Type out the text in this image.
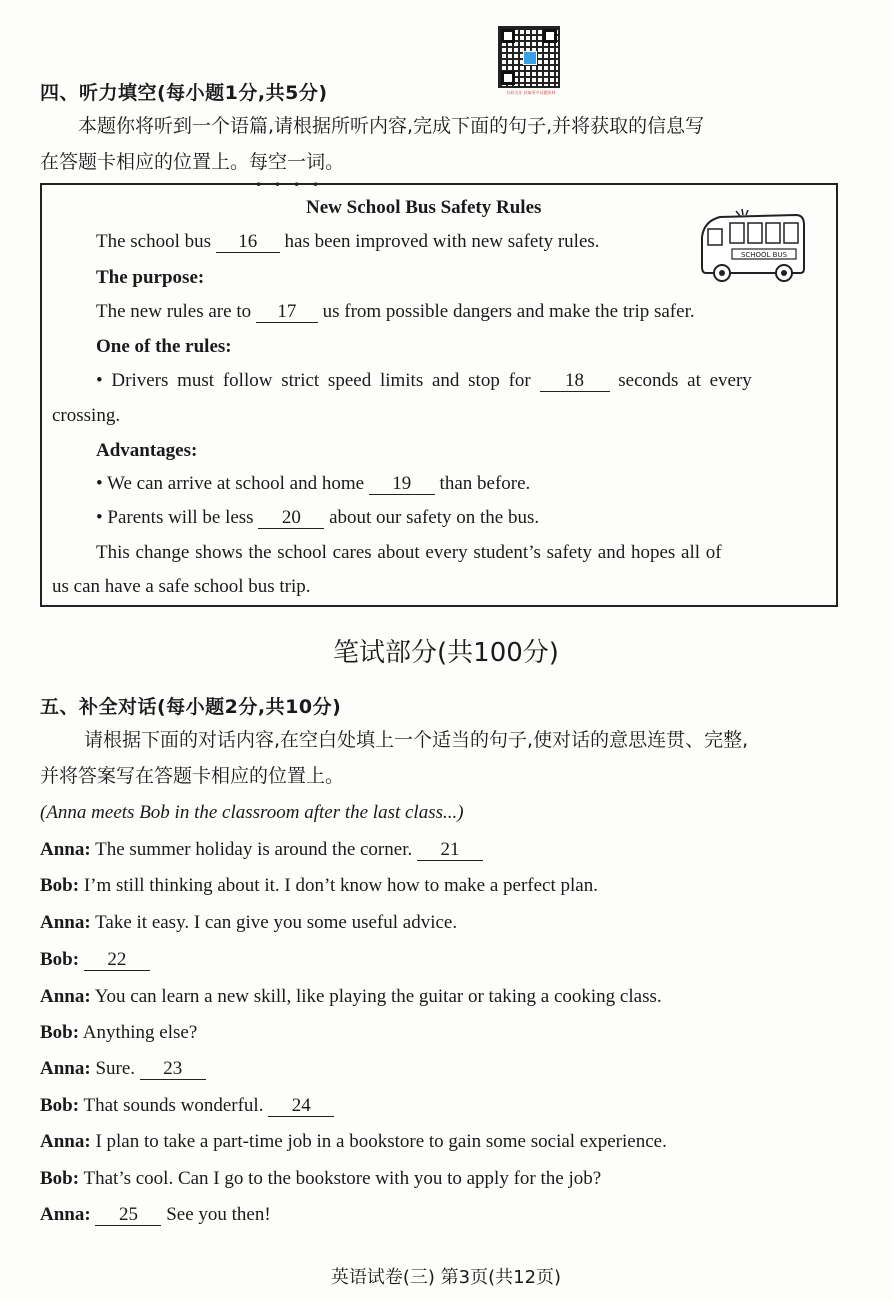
扫码关注 获取更多试题资料
四、听力填空(每小题1分,共5分)
本题你将听到一个语篇,请根据所听内容,完成下面的句子,并将获取的信息写
在答题卡相应的位置上。每空一词。
New School Bus Safety Rules
The school bus 16 has been improved with new safety rules.
The purpose:
The new rules are to 17 us from possible dangers and make the trip safer.
One of the rules:
• Drivers must follow strict speed limits and stop for 18 seconds at every
crossing.
Advantages:
• We can arrive at school and home 19 than before.
• Parents will be less 20 about our safety on the bus.
This change shows the school cares about every student’s safety and hopes all of
us can have a safe school bus trip.
SCHOOL BUS
笔试部分(共100分)
五、补全对话(每小题2分,共10分)
请根据下面的对话内容,在空白处填上一个适当的句子,使对话的意思连贯、完整,
并将答案写在答题卡相应的位置上。
(Anna meets Bob in the classroom after the last class...)
Anna: The summer holiday is around the corner. 21
Bob: I’m still thinking about it. I don’t know how to make a perfect plan.
Anna: Take it easy. I can give you some useful advice.
Bob: 22
Anna: You can learn a new skill, like playing the guitar or taking a cooking class.
Bob: Anything else?
Anna: Sure. 23
Bob: That sounds wonderful. 24
Anna: I plan to take a part-time job in a bookstore to gain some social experience.
Bob: That’s cool. Can I go to the bookstore with you to apply for the job?
Anna: 25 See you then!
英语试卷(三) 第3页(共12页)
